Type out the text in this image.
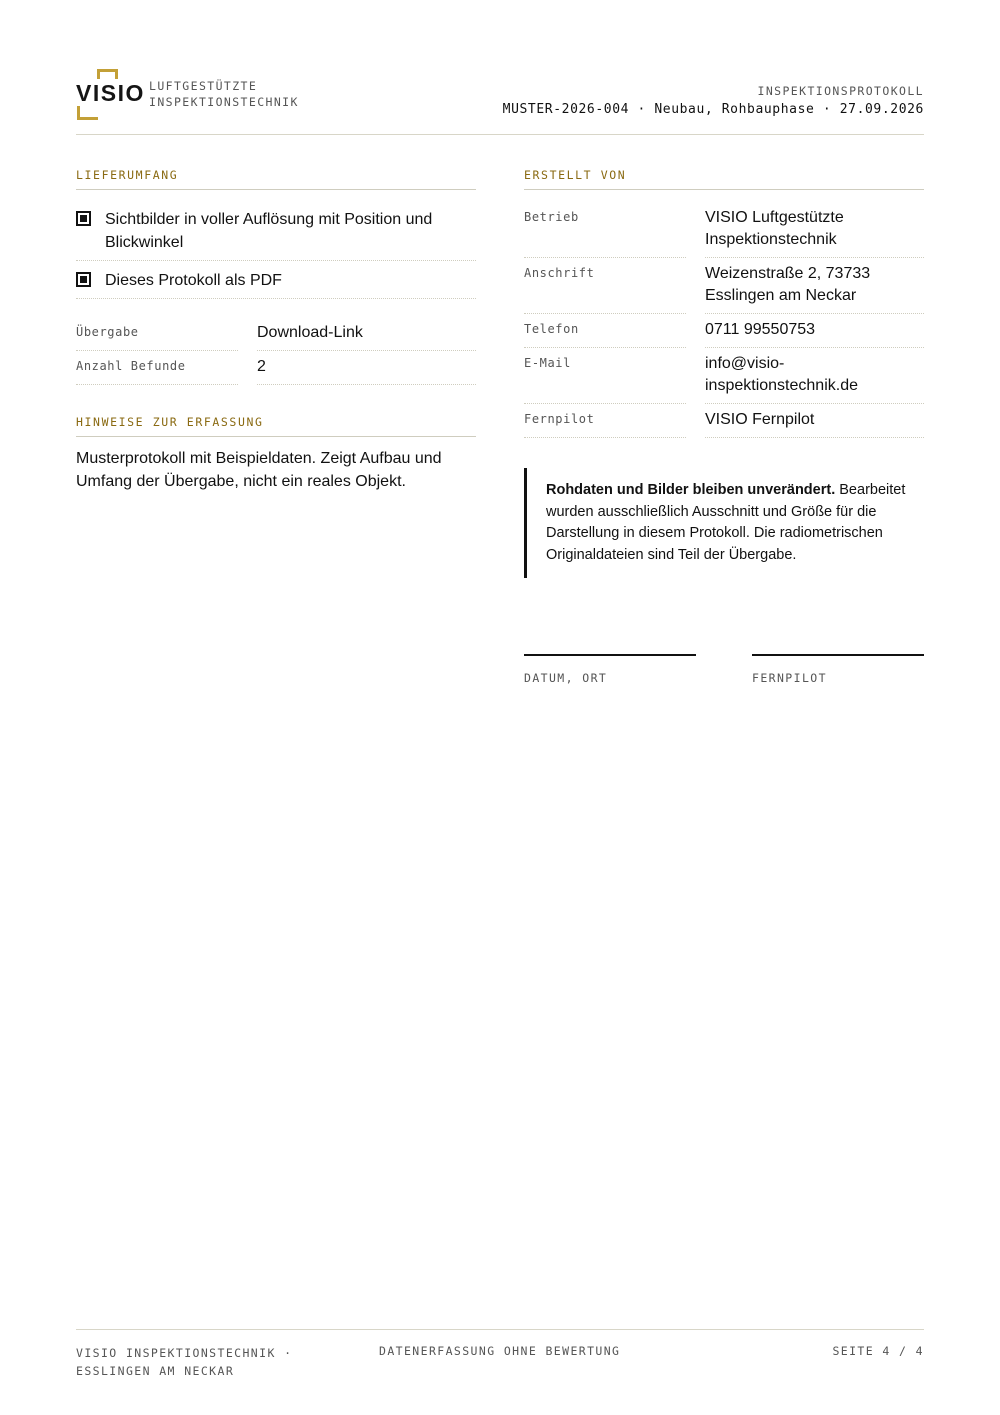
VISIO LUFTGESTÜTZTE
INSPEKTIONSTECHNIK
INSPEKTIONSPROTOKOLL
MUSTER-2026-004 · Neubau, Rohbauphase · 27.09.2026
LIEFERUMFANG
Sichtbilder in voller Auflösung mit Position und Blickwinkel
Dieses Protokoll als PDF
Übergabe	Download-Link
Anzahl Befunde	2
HINWEISE ZUR ERFASSUNG
Musterprotokoll mit Beispieldaten. Zeigt Aufbau und Umfang der Übergabe, nicht ein reales Objekt.
ERSTELLT VON
Betrieb	VISIO Luftgestützte Inspektionstechnik
Anschrift	Weizenstraße 2, 73733 Esslingen am Neckar
Telefon	0711 99550753
E-Mail	info@visio-inspektionstechnik.de
Fernpilot	VISIO Fernpilot
Rohdaten und Bilder bleiben unverändert. Bearbeitet wurden ausschließlich Ausschnitt und Größe für die Darstellung in diesem Protokoll. Die radiometrischen Originaldateien sind Teil der Übergabe.
DATUM, ORT	FERNPILOT
VISIO INSPEKTIONSTECHNIK · ESSLINGEN AM NECKAR
DATENERFASSUNG OHNE BEWERTUNG	SEITE 4 / 4
